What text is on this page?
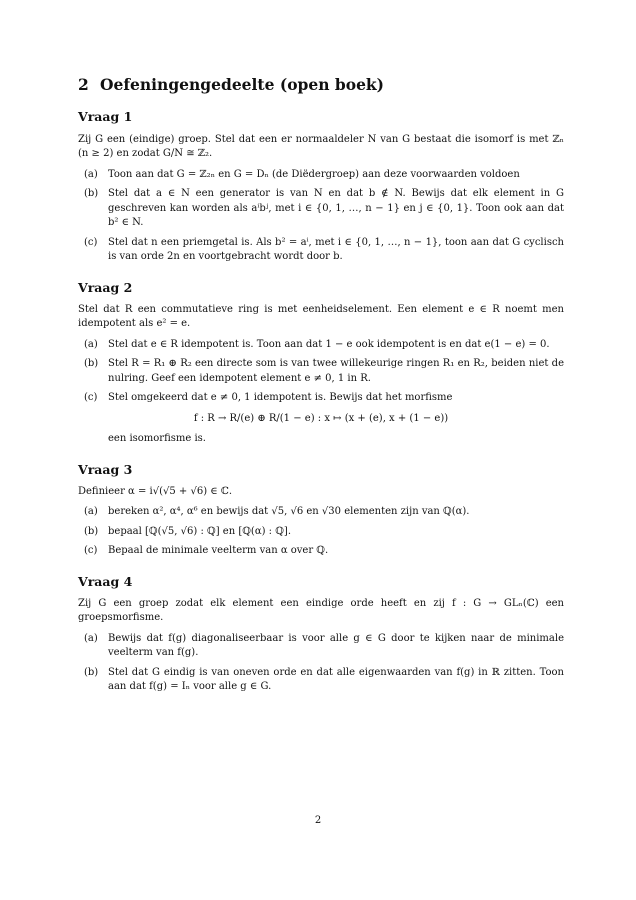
2 Oefeningengedeelte (open boek)
Vraag 1

Zij G een (eindige) groep. Stel dat een er normaaldeler N van G bestaat die isomorf is met ℤₙ (n ≥ 2) en zodat G/N ≅ ℤ₂.

(a)	Toon aan dat G = ℤ₂ₙ en G = Dₙ (de Diëdergroep) aan deze voorwaarden voldoen
(b) Stel dat a ∈ N een generator is van N en dat b ∉ N. Bewijs dat elk element in G geschreven kan worden als aⁱbʲ, met i ∈ {0, 1, …, n − 1} en j ∈ {0, 1}. Toon ook aan dat b² ∈ N.
(c)	Stel dat n een priemgetal is. Als b² = aⁱ, met i ∈ {0, 1, …, n − 1}, toon aan dat G cyclisch is van orde 2n en voortgebracht wordt door b.
Vraag 2

Stel dat R een commutatieve ring is met eenheidselement. Een element e ∈ R noemt men idempotent als e² = e.

(a)	Stel dat e ∈ R idempotent is. Toon aan dat 1 − e ook idempotent is en dat e(1 − e) = 0.
(b) Stel R = R₁ ⊕ R₂ een directe som is van twee willekeurige ringen R₁ en R₂, beiden niet de nulring. Geef een idempotent element e ≠ 0, 1 in R.
(c)	Stel omgekeerd dat e ≠ 0, 1 idempotent is. Bewijs dat het morfisme
f : R → R/(e) ⊕ R/(1 − e) : x ↦ (x + (e), x + (1 − e))
een isomorfisme is.
Vraag 3

Definieer α = i√(√5 + √6) ∈ ℂ.

(a)	bereken α², α⁴, α⁶ en bewijs dat √5, √6 en √30 elementen zijn van ℚ(α).
(b) bepaal [ℚ(√5, √6) : ℚ] en [ℚ(α) : ℚ].
(c)	Bepaal de minimale veelterm van α over ℚ.
Vraag 4

Zij G een groep zodat elk element een eindige orde heeft en zij f : G → GLₙ(ℂ) een groepsmorfisme.

(a)	Bewijs dat f(g) diagonaliseerbaar is voor alle g ∈ G door te kijken naar de minimale veelterm van f(g).
(b) Stel dat G eindig is van oneven orde en dat alle eigenwaarden van f(g) in ℝ zitten. Toon aan dat f(g) = Iₙ voor alle g ∈ G.
2
